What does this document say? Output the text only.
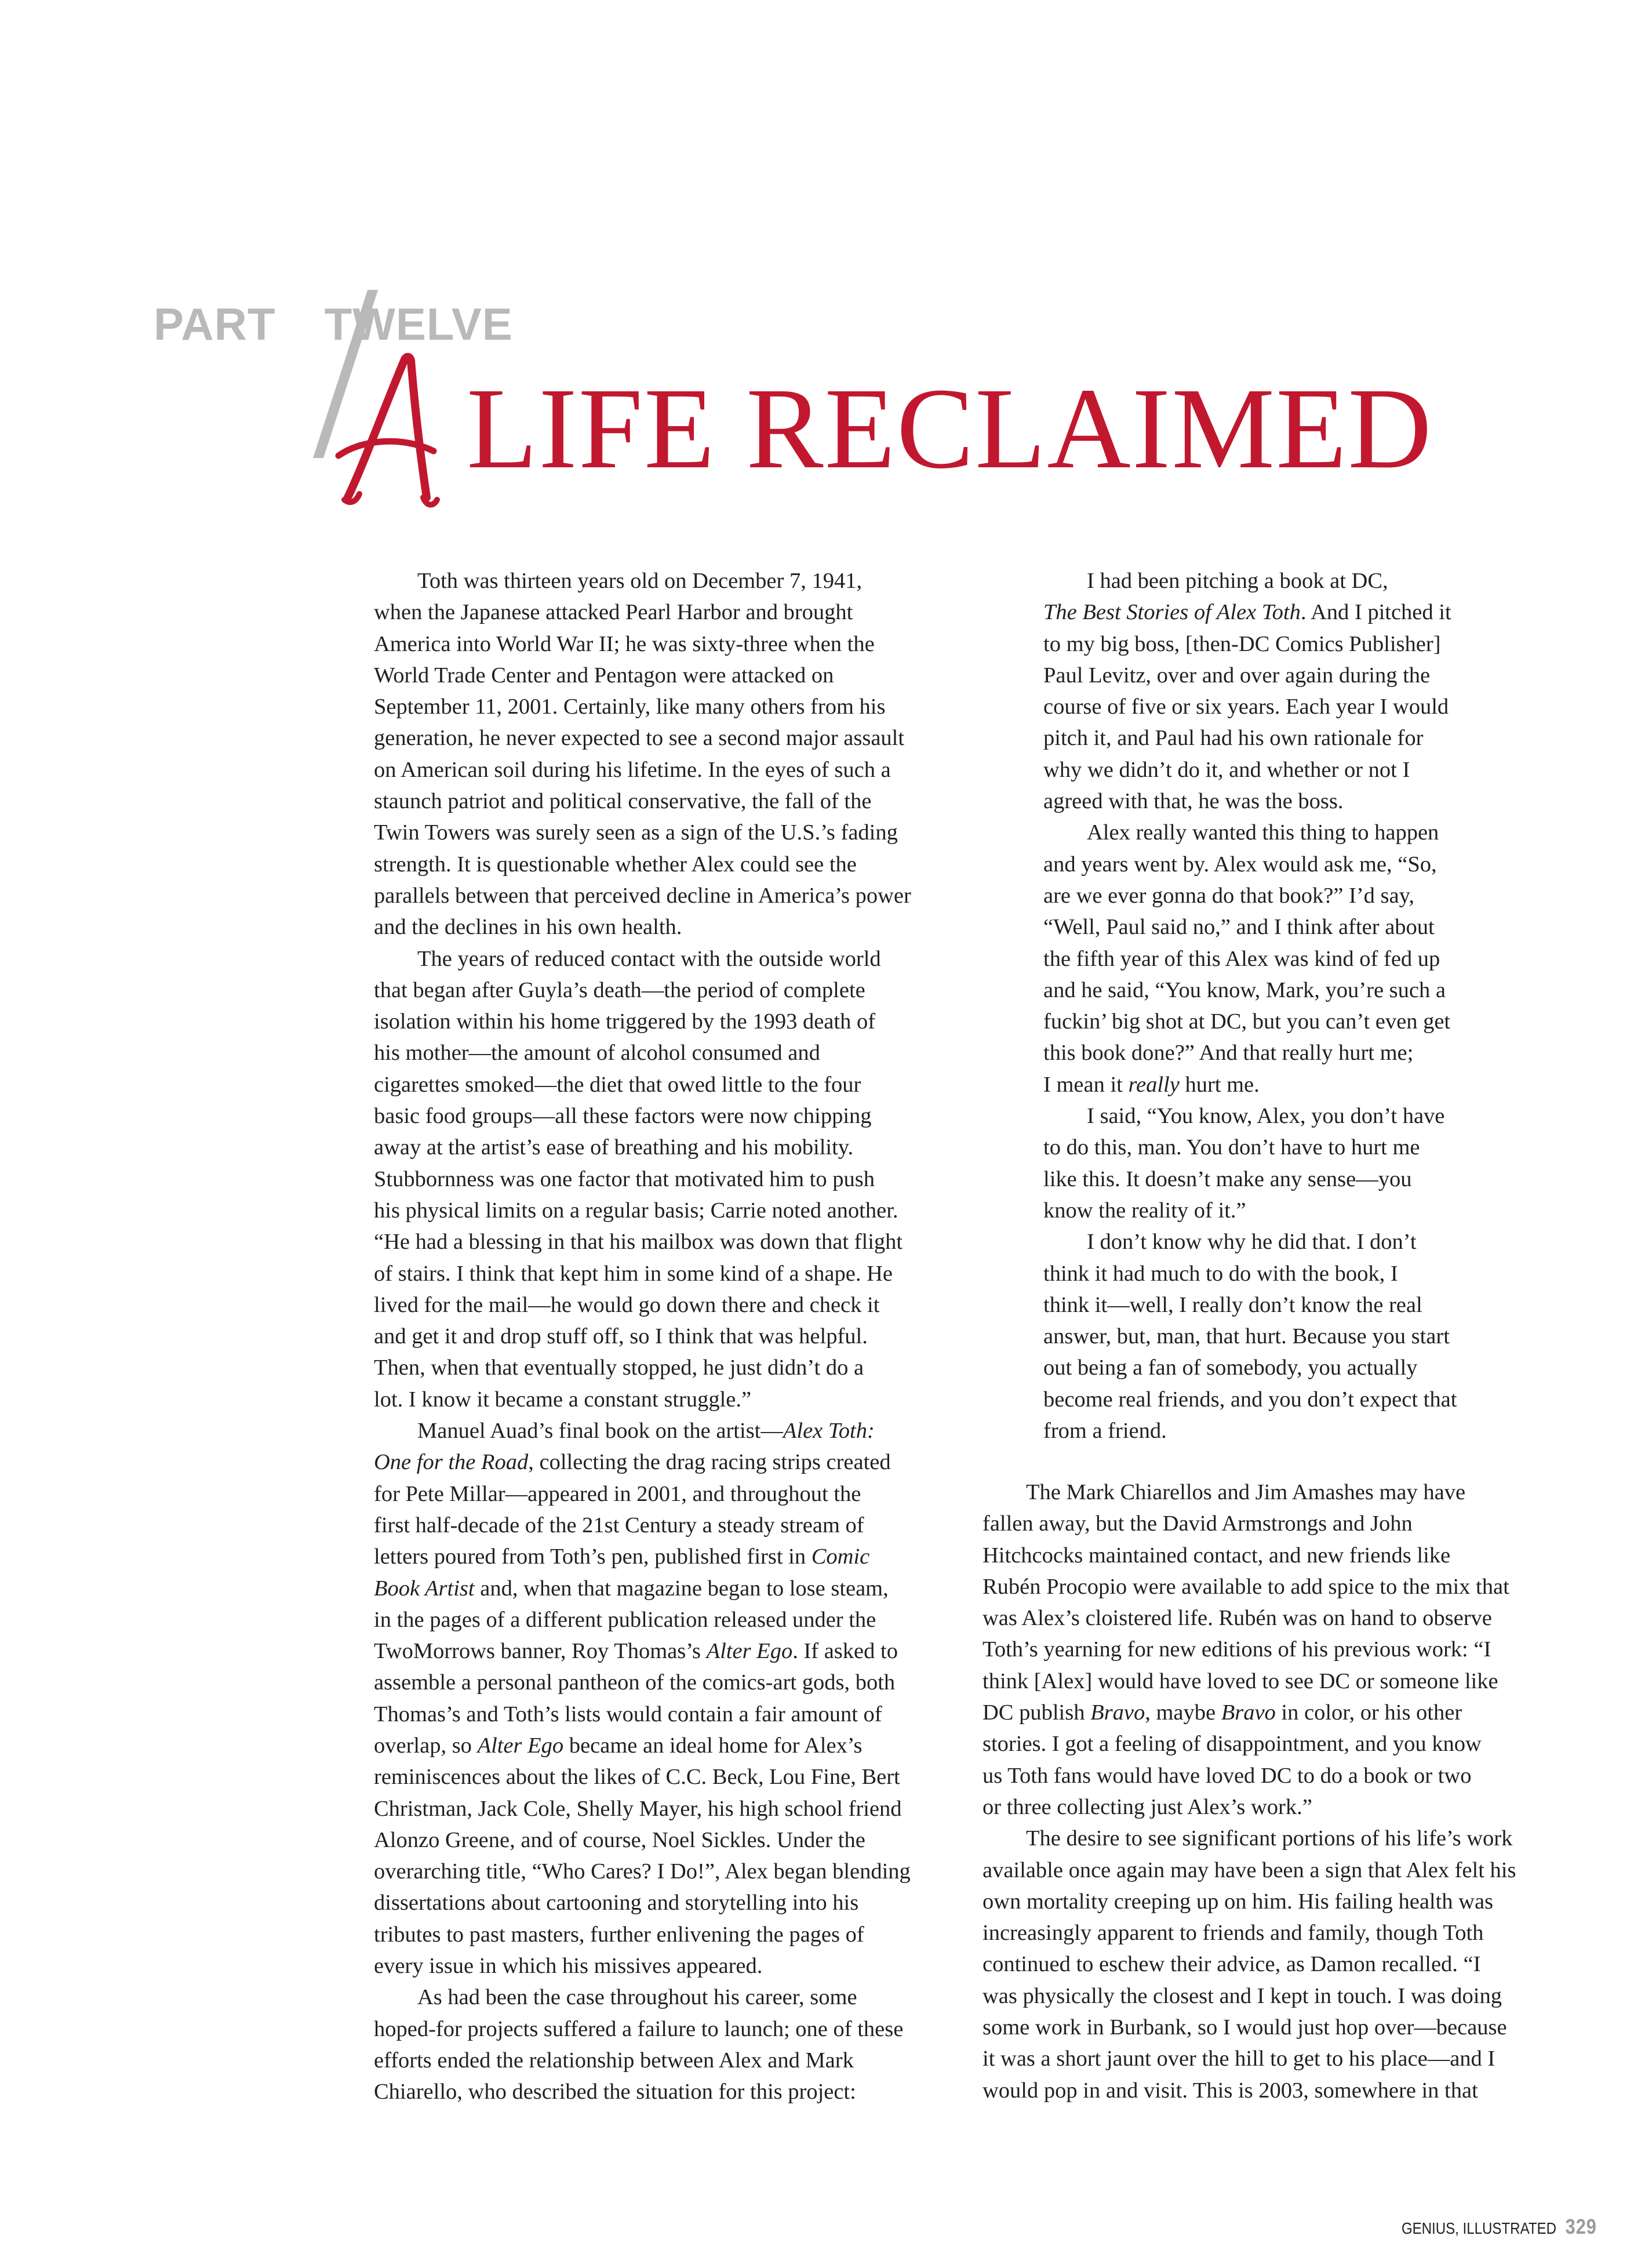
PART TWELVE
LIFE RECLAIMED
Toth was thirteen years old on December 7, 1941,
when the Japanese attacked Pearl Harbor and brought
America into World War II; he was sixty-three when the
World Trade Center and Pentagon were attacked on
September 11, 2001. Certainly, like many others from his
generation, he never expected to see a second major assault
on American soil during his lifetime. In the eyes of such a
staunch patriot and political conservative, the fall of the
Twin Towers was surely seen as a sign of the U.S.’s fading
strength. It is questionable whether Alex could see the
parallels between that perceived decline in America’s power
and the declines in his own health.
The years of reduced contact with the outside world
that began after Guyla’s death—the period of complete
isolation within his home triggered by the 1993 death of
his mother—the amount of alcohol consumed and
cigarettes smoked—the diet that owed little to the four
basic food groups—all these factors were now chipping
away at the artist’s ease of breathing and his mobility.
Stubbornness was one factor that motivated him to push
his physical limits on a regular basis; Carrie noted another.
“He had a blessing in that his mailbox was down that flight
of stairs. I think that kept him in some kind of a shape. He
lived for the mail—he would go down there and check it
and get it and drop stuff off, so I think that was helpful.
Then, when that eventually stopped, he just didn’t do a
lot. I know it became a constant struggle.”
Manuel Auad’s final book on the artist—Alex Toth:
One for the Road, collecting the drag racing strips created
for Pete Millar—appeared in 2001, and throughout the
first half-decade of the 21st Century a steady stream of
letters poured from Toth’s pen, published first in Comic
Book Artist and, when that magazine began to lose steam,
in the pages of a different publication released under the
TwoMorrows banner, Roy Thomas’s Alter Ego. If asked to
assemble a personal pantheon of the comics-art gods, both
Thomas’s and Toth’s lists would contain a fair amount of
overlap, so Alter Ego became an ideal home for Alex’s
reminiscences about the likes of C.C. Beck, Lou Fine, Bert
Christman, Jack Cole, Shelly Mayer, his high school friend
Alonzo Greene, and of course, Noel Sickles. Under the
overarching title, “Who Cares? I Do!”, Alex began blending
dissertations about cartooning and storytelling into his
tributes to past masters, further enlivening the pages of
every issue in which his missives appeared.
As had been the case throughout his career, some
hoped-for projects suffered a failure to launch; one of these
efforts ended the relationship between Alex and Mark
Chiarello, who described the situation for this project:
I had been pitching a book at DC,
The Best Stories of Alex Toth. And I pitched it
to my big boss, [then-DC Comics Publisher]
Paul Levitz, over and over again during the
course of five or six years. Each year I would
pitch it, and Paul had his own rationale for
why we didn’t do it, and whether or not I
agreed with that, he was the boss.
Alex really wanted this thing to happen
and years went by. Alex would ask me, “So,
are we ever gonna do that book?” I’d say,
“Well, Paul said no,” and I think after about
the fifth year of this Alex was kind of fed up
and he said, “You know, Mark, you’re such a
fuckin’ big shot at DC, but you can’t even get
this book done?” And that really hurt me;
I mean it really hurt me.
I said, “You know, Alex, you don’t have
to do this, man. You don’t have to hurt me
like this. It doesn’t make any sense—you
know the reality of it.”
I don’t know why he did that. I don’t
think it had much to do with the book, I
think it—well, I really don’t know the real
answer, but, man, that hurt. Because you start
out being a fan of somebody, you actually
become real friends, and you don’t expect that
from a friend.
The Mark Chiarellos and Jim Amashes may have
fallen away, but the David Armstrongs and John
Hitchcocks maintained contact, and new friends like
Rubén Procopio were available to add spice to the mix that
was Alex’s cloistered life. Rubén was on hand to observe
Toth’s yearning for new editions of his previous work: “I
think [Alex] would have loved to see DC or someone like
DC publish Bravo, maybe Bravo in color, or his other
stories. I got a feeling of disappointment, and you know
us Toth fans would have loved DC to do a book or two
or three collecting just Alex’s work.”
The desire to see significant portions of his life’s work
available once again may have been a sign that Alex felt his
own mortality creeping up on him. His failing health was
increasingly apparent to friends and family, though Toth
continued to eschew their advice, as Damon recalled. “I
was physically the closest and I kept in touch. I was doing
some work in Burbank, so I would just hop over—because
it was a short jaunt over the hill to get to his place—and I
would pop in and visit. This is 2003, somewhere in that
GENIUS, ILLUSTRATED 329
